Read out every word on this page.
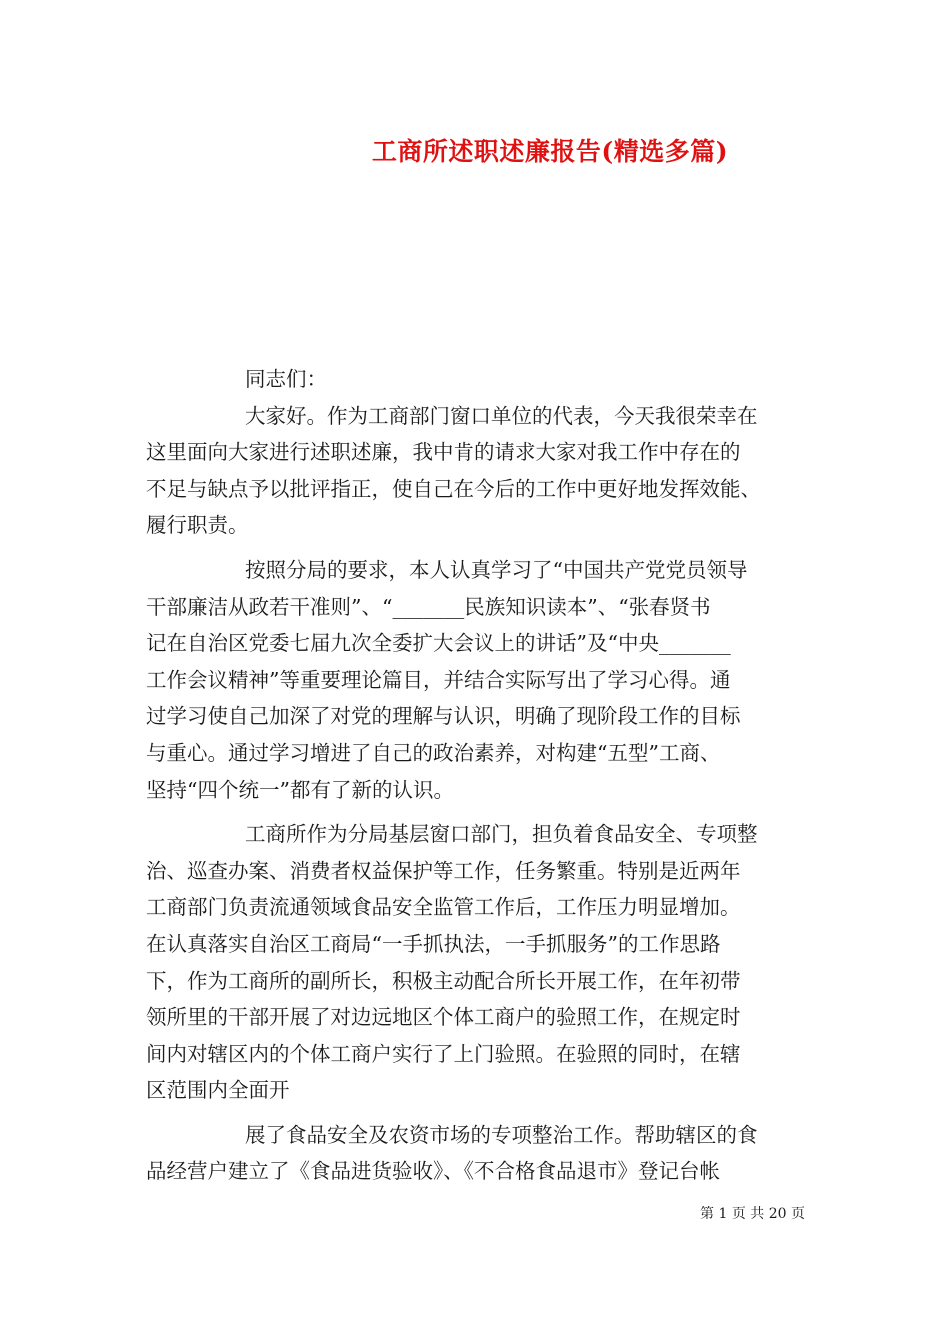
工商所述职述廉报告(精选多篇)
同志们：
大家好。作为工商部门窗口单位的代表，今天我很荣幸在
这里面向大家进行述职述廉，我中肯的请求大家对我工作中存在的
不足与缺点予以批评指正，使自己在今后的工作中更好地发挥效能、
履行职责。
按照分局的要求，本人认真学习了“中国共产党党员领导
干部廉洁从政若干准则”、“_______民族知识读本”、“张春贤书
记在自治区党委七届九次全委扩大会议上的讲话”及“中央_______
工作会议精神”等重要理论篇目，并结合实际写出了学习心得。通
过学习使自己加深了对党的理解与认识，明确了现阶段工作的目标
与重心。通过学习增进了自己的政治素养，对构建“五型”工商、
坚持“四个统一”都有了新的认识。
工商所作为分局基层窗口部门，担负着食品安全、专项整
治、巡查办案、消费者权益保护等工作，任务繁重。特别是近两年
工商部门负责流通领域食品安全监管工作后，工作压力明显增加。
在认真落实自治区工商局“一手抓执法，一手抓服务”的工作思路
下，作为工商所的副所长，积极主动配合所长开展工作，在年初带
领所里的干部开展了对边远地区个体工商户的验照工作，在规定时
间内对辖区内的个体工商户实行了上门验照。在验照的同时，在辖
区范围内全面开
展了食品安全及农资市场的专项整治工作。帮助辖区的食
品经营户建立了《食品进货验收》、《不合格食品退市》登记台帐
第 1 页 共 20 页
